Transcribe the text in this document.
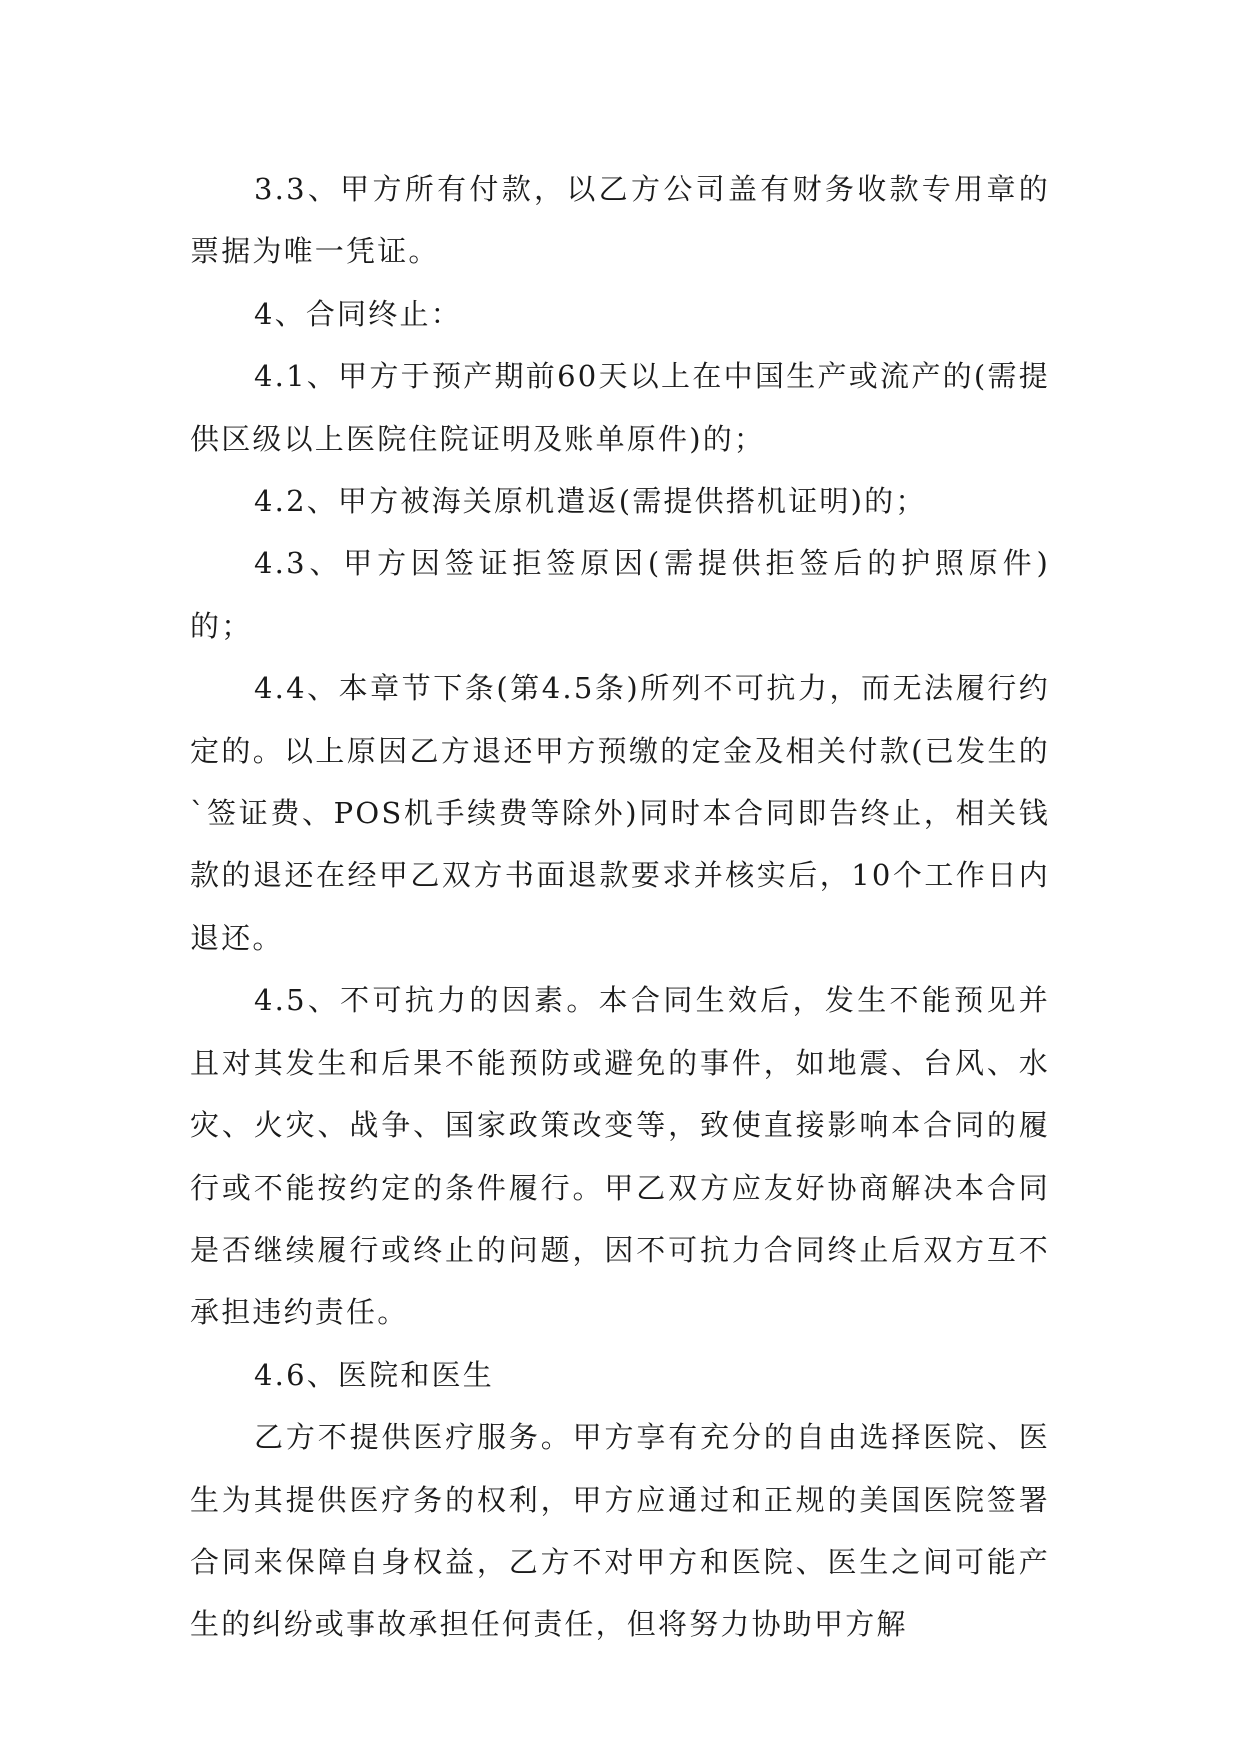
3.3、甲方所有付款，以乙方公司盖有财务收款专用章的票据为唯一凭证。

4、合同终止：

4.1、甲方于预产期前60天以上在中国生产或流产的(需提供区级以上医院住院证明及账单原件)的；

4.2、甲方被海关原机遣返(需提供搭机证明)的；

4.3、甲方因签证拒签原因(需提供拒签后的护照原件)的；

4.4、本章节下条(第4.5条)所列不可抗力，而无法履行约定的。以上原因乙方退还甲方预缴的定金及相关付款(已发生的`签证费、POS机手续费等除外)同时本合同即告终止，相关钱款的退还在经甲乙双方书面退款要求并核实后，10个工作日内退还。

4.5、不可抗力的因素。本合同生效后，发生不能预见并且对其发生和后果不能预防或避免的事件，如地震、台风、水灾、火灾、战争、国家政策改变等，致使直接影响本合同的履行或不能按约定的条件履行。甲乙双方应友好协商解决本合同是否继续履行或终止的问题，因不可抗力合同终止后双方互不承担违约责任。

4.6、医院和医生

乙方不提供医疗服务。甲方享有充分的自由选择医院、医生为其提供医疗务的权利，甲方应通过和正规的美国医院签署合同来保障自身权益，乙方不对甲方和医院、医生之间可能产生的纠纷或事故承担任何责任，但将努力协助甲方解
